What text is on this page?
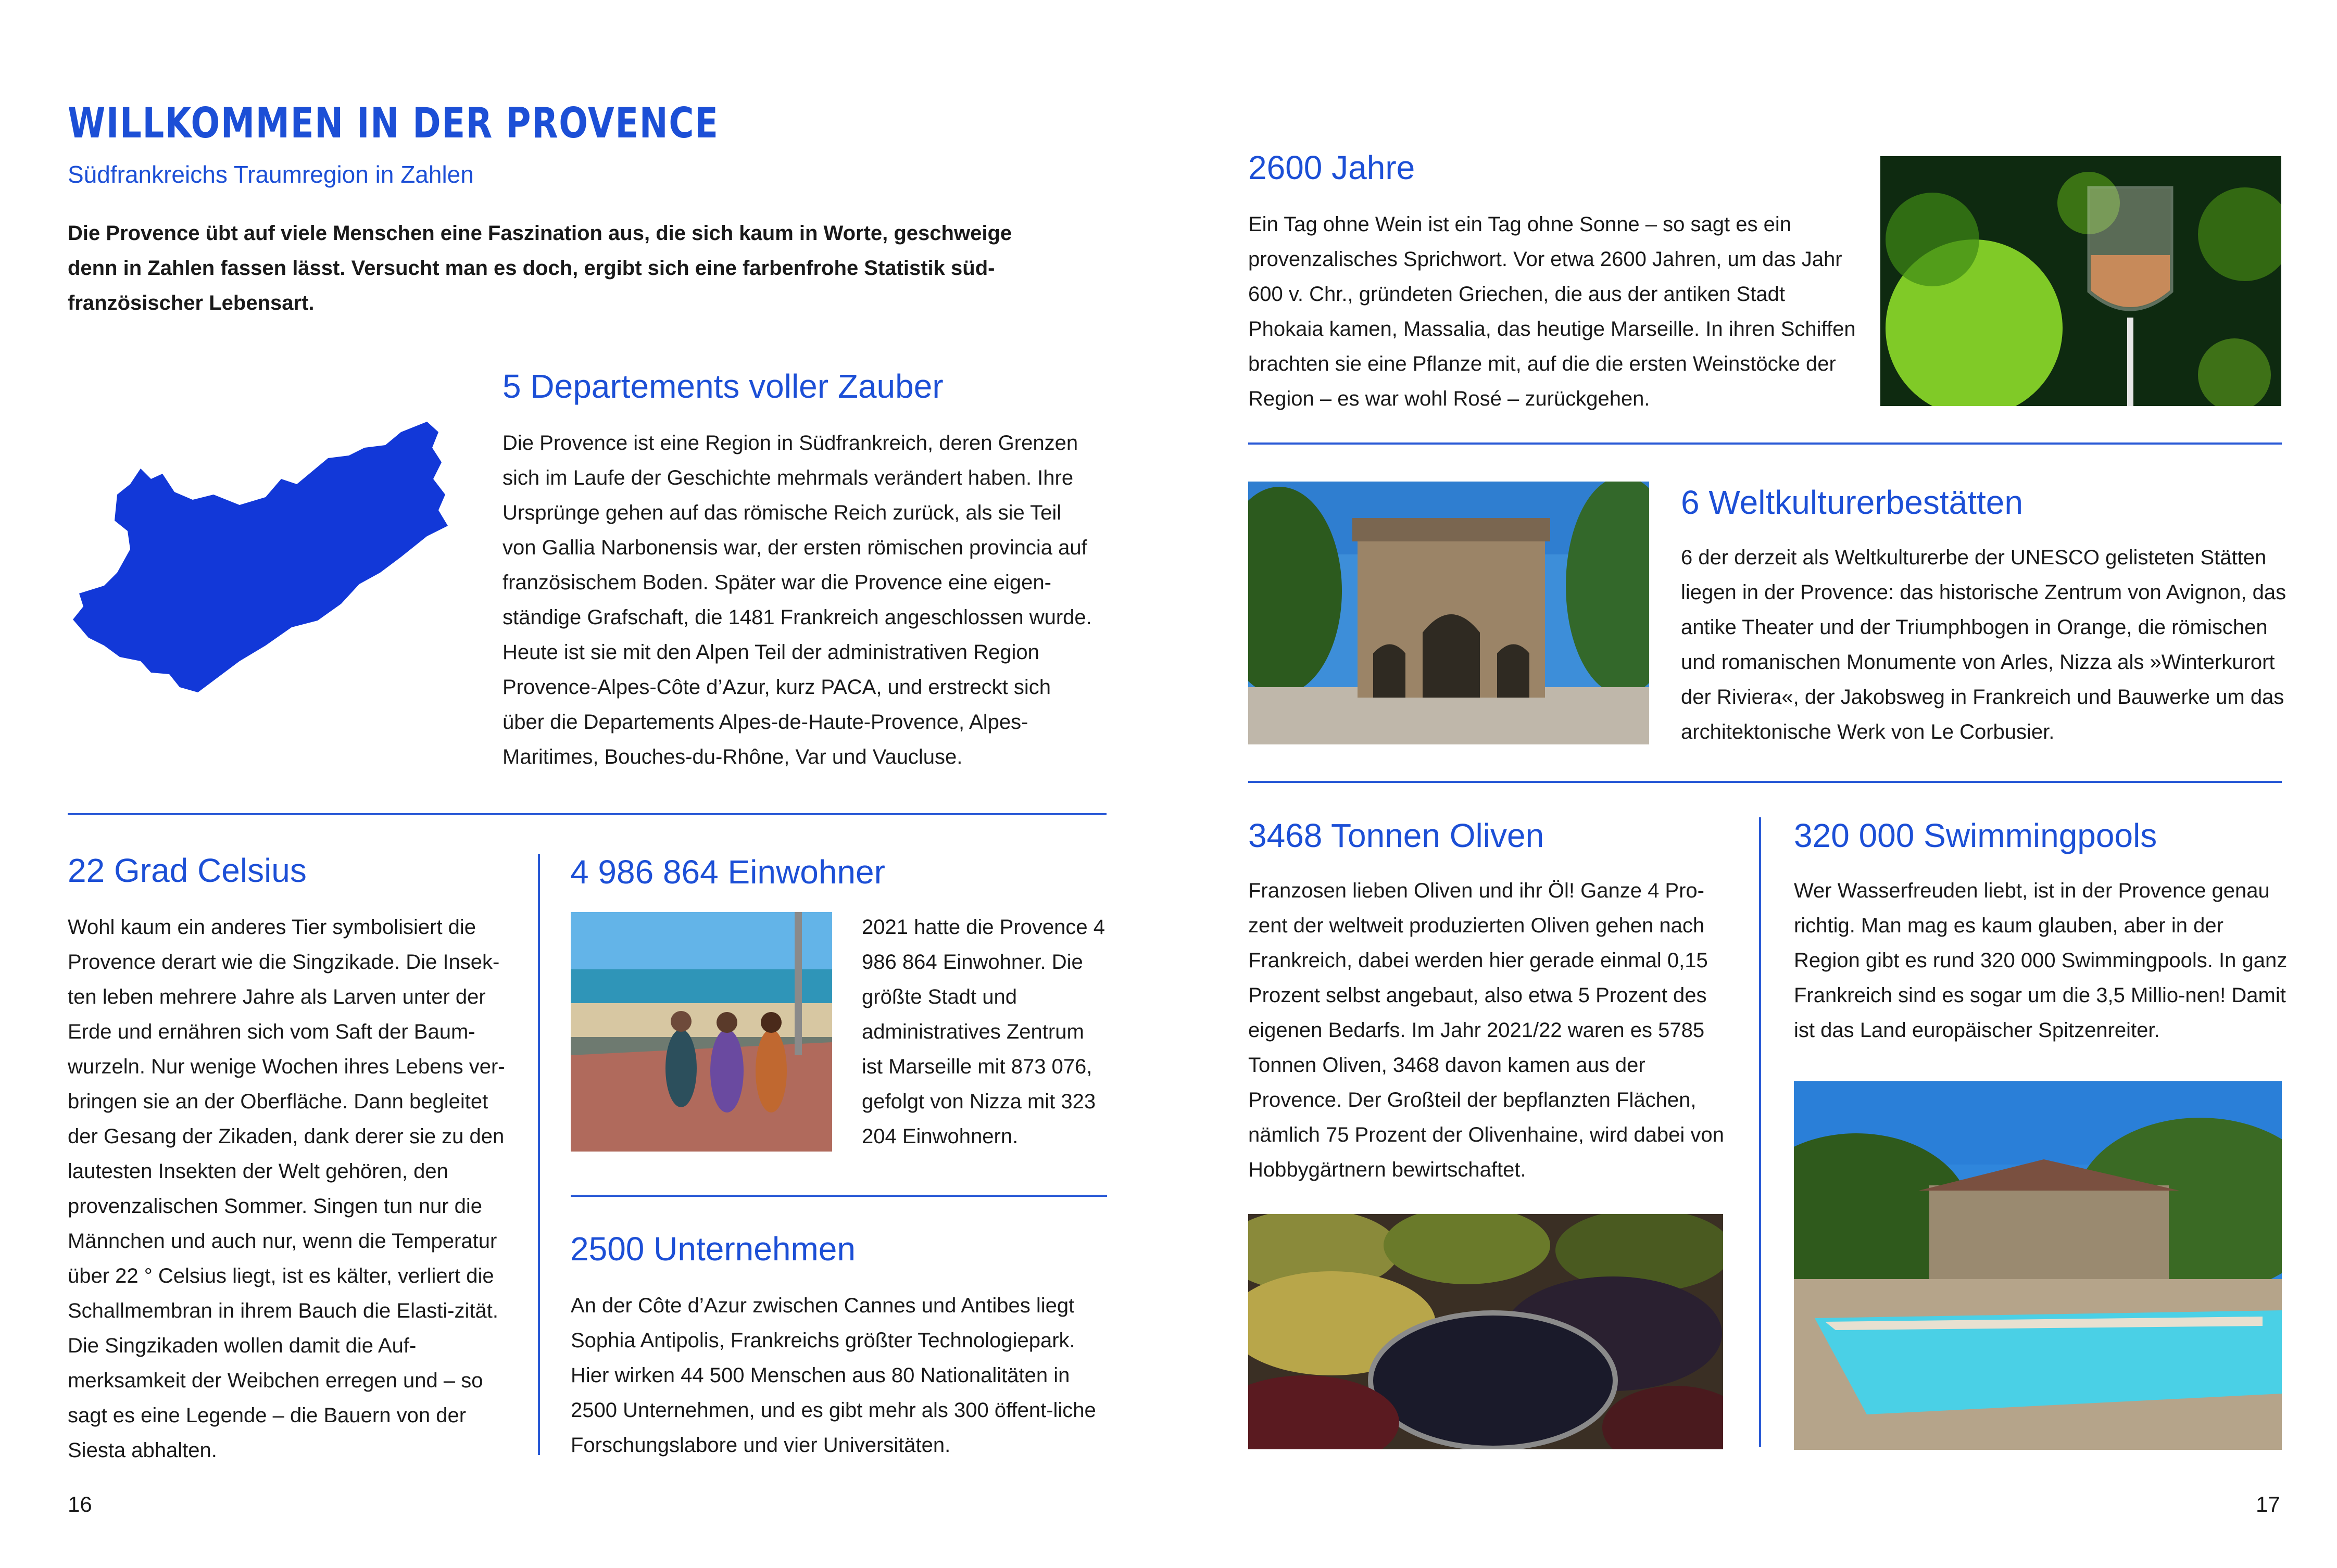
WILLKOMMEN IN DER PROVENCE
Südfrankreichs Traumregion in Zahlen
Die Provence übt auf viele Menschen eine Faszination aus, die sich kaum in Worte, geschweige denn in Zahlen fassen lässt. Versucht man es doch, ergibt sich eine farbenfrohe Statistik süd-französischer Lebensart.
5 Departements voller Zauber
Die Provence ist eine Region in Südfrankreich, deren Grenzen sich im Laufe der Geschichte mehrmals verändert haben. Ihre Ursprünge gehen auf das römische Reich zurück, als sie Teil von Gallia Narbonensis war, der ersten römischen provincia auf französischem Boden. Später war die Provence eine eigen-ständige Grafschaft, die 1481 Frankreich angeschlossen wurde. Heute ist sie mit den Alpen Teil der administrativen Region Provence-Alpes-Côte d’Azur, kurz PACA, und erstreckt sich über die Departements Alpes-de-Haute-Provence, Alpes-Maritimes, Bouches-du-Rhône, Var und Vaucluse.
22 Grad Celsius
Wohl kaum ein anderes Tier symbolisiert die Provence derart wie die Singzikade. Die Insek-ten leben mehrere Jahre als Larven unter der Erde und ernähren sich vom Saft der Baum-wurzeln. Nur wenige Wochen ihres Lebens ver-bringen sie an der Oberfläche. Dann begleitet der Gesang der Zikaden, dank derer sie zu den lautesten Insekten der Welt gehören, den provenzalischen Sommer. Singen tun nur die Männchen und auch nur, wenn die Temperatur über 22 ° Celsius liegt, ist es kälter, verliert die Schallmembran in ihrem Bauch die Elasti-zität. Die Singzikaden wollen damit die Auf-merksamkeit der Weibchen erregen und – so sagt es eine Legende – die Bauern von der Siesta abhalten.
4 986 864 Einwohner
2021 hatte die Provence 4 986 864 Einwohner. Die größte Stadt und administratives Zentrum ist Marseille mit 873 076, gefolgt von Nizza mit 323 204 Einwohnern.
2500 Unternehmen
An der Côte d’Azur zwischen Cannes und Antibes liegt Sophia Antipolis, Frankreichs größter Technologiepark. Hier wirken 44 500 Menschen aus 80 Nationalitäten in 2500 Unternehmen, und es gibt mehr als 300 öffent-liche Forschungslabore und vier Universitäten.
16
2600 Jahre
Ein Tag ohne Wein ist ein Tag ohne Sonne – so sagt es ein provenzalisches Sprichwort. Vor etwa 2600 Jahren, um das Jahr 600 v. Chr., gründeten Griechen, die aus der antiken Stadt Phokaia kamen, Massalia, das heutige Marseille. In ihren Schiffen brachten sie eine Pflanze mit, auf die die ersten Weinstöcke der Region – es war wohl Rosé – zurückgehen.
6 Weltkulturerbestätten
6 der derzeit als Weltkulturerbe der UNESCO gelisteten Stätten liegen in der Provence: das historische Zentrum von Avignon, das antike Theater und der Triumphbogen in Orange, die römischen und romanischen Monumente von Arles, Nizza als »Winterkurort der Riviera«, der Jakobsweg in Frankreich und Bauwerke um das architektonische Werk von Le Corbusier.
3468 Tonnen Oliven
Franzosen lieben Oliven und ihr Öl! Ganze 4 Pro-zent der weltweit produzierten Oliven gehen nach Frankreich, dabei werden hier gerade einmal 0,15 Prozent selbst angebaut, also etwa 5 Prozent des eigenen Bedarfs. Im Jahr 2021/22 waren es 5785 Tonnen Oliven, 3468 davon kamen aus der Provence. Der Großteil der bepflanzten Flächen, nämlich 75 Prozent der Olivenhaine, wird dabei von Hobbygärtnern bewirtschaftet.
320 000 Swimmingpools
Wer Wasserfreuden liebt, ist in der Provence genau richtig. Man mag es kaum glauben, aber in der Region gibt es rund 320 000 Swimmingpools. In ganz Frankreich sind es sogar um die 3,5 Millio-nen! Damit ist das Land europäischer Spitzenreiter.
17
